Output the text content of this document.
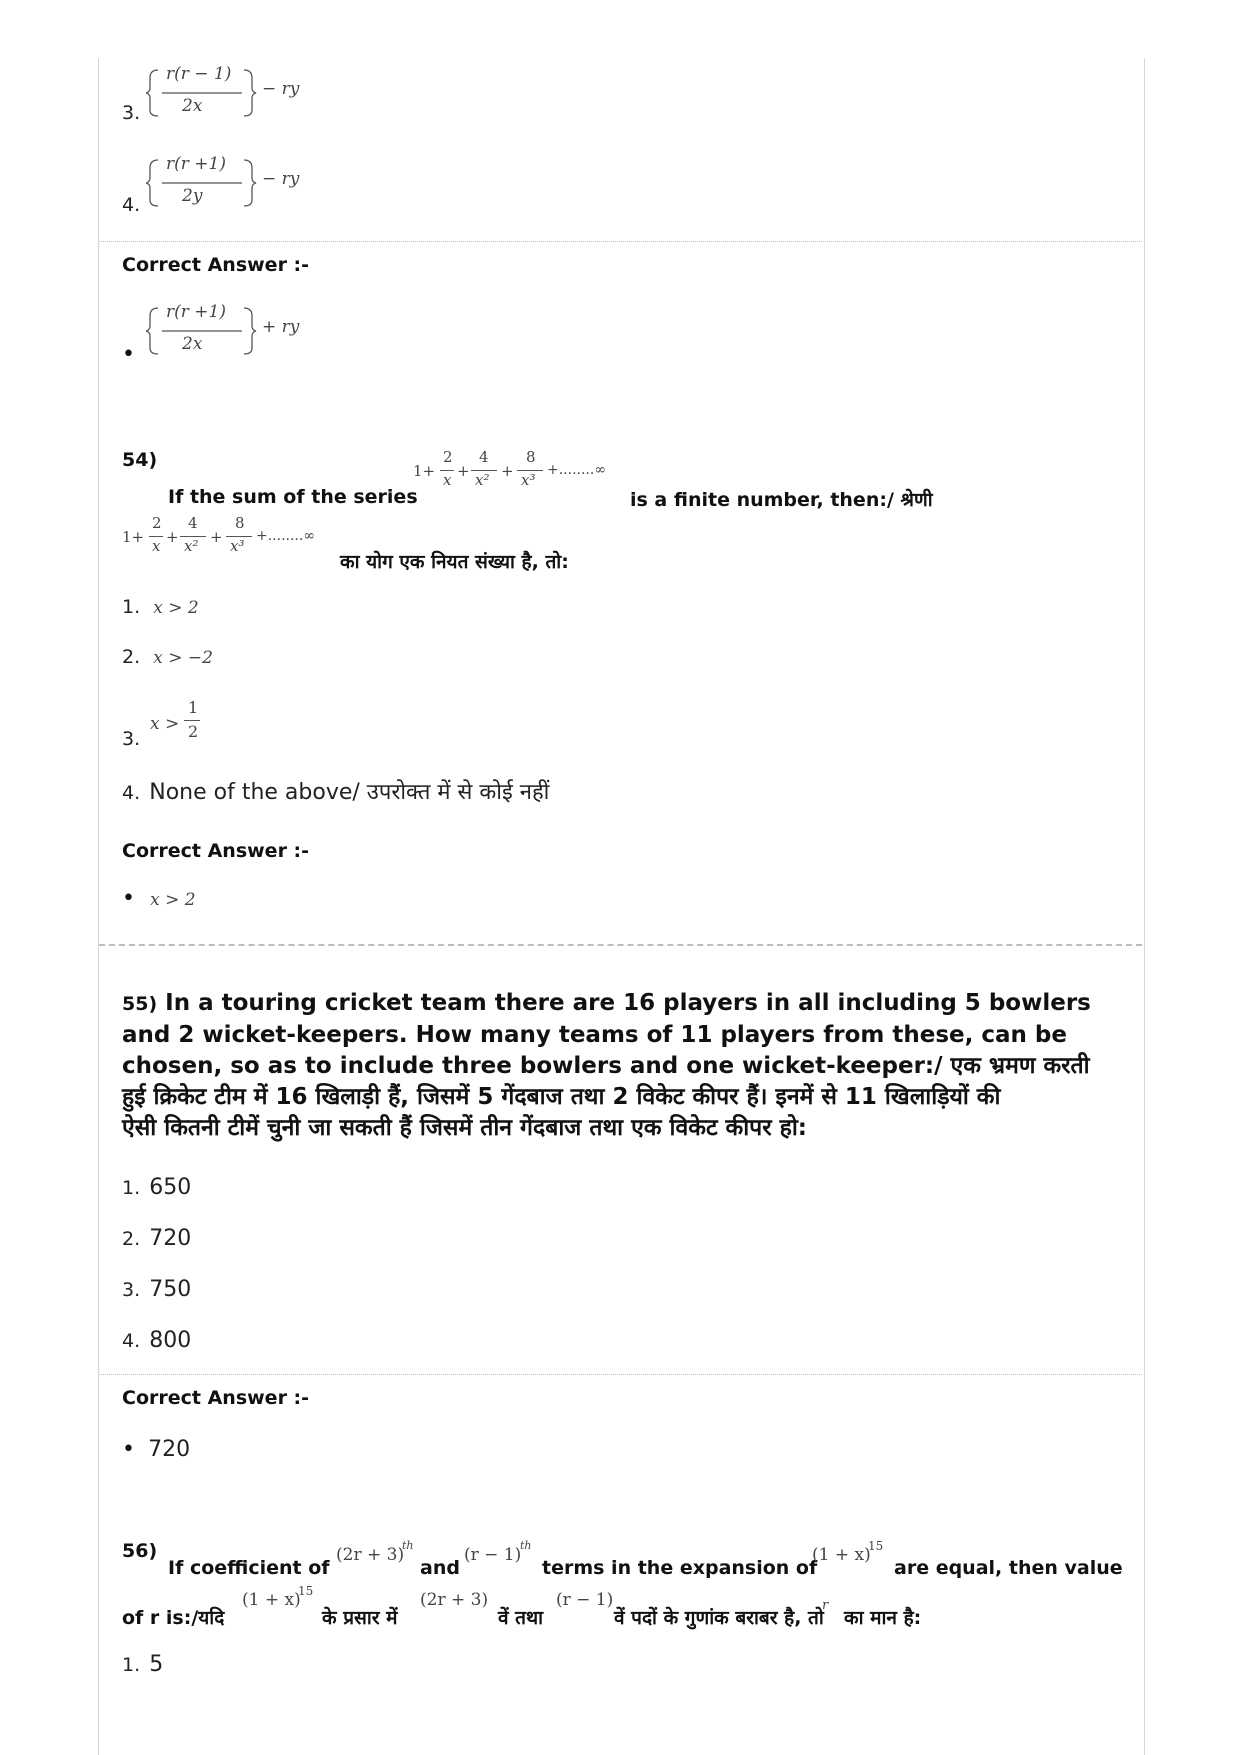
3.
r(r − 1)
2x
− ry
4.
r(r +1)
2y
− ry
Correct Answer :-
•
r(r +1)
2x
+ ry
54)
If the sum of the series
1+
2
x +
4
x² +
8
x³
+........∞
is a finite number, then:/ श्रेणी
1+
2
x +
4
x² +
8
x³
+........∞
का योग एक नियत संख्या है, तो:
1. x > 2
2. x > −2
3.
x >
1
2
4. None of the above/ उपरोक्त में से कोई नहीं
Correct Answer :-
• x > 2
55) In a touring cricket team there are 16 players in all including 5 bowlers
and 2 wicket-keepers. How many teams of 11 players from these, can be
chosen, so as to include three bowlers and one wicket-keeper:/ एक भ्रमण करती
हुई क्रिकेट टीम में 16 खिलाड़ी हैं, जिसमें 5 गेंदबाज तथा 2 विकेट कीपर हैं। इनमें से 11 खिलाड़ियों की
ऐसी कितनी टीमें चुनी जा सकती हैं जिसमें तीन गेंदबाज तथा एक विकेट कीपर हो:
1. 650
2. 720
3. 750
4. 800
Correct Answer :-
• 720
56)
If coefficient of
(2r + 3)
th
and
(r − 1)
th
terms in the expansion of
(1 + x)
15
are equal, then value
of r is:/यदि
(1 + x)
15
के प्रसार में
(2r + 3)
वें तथा
(r − 1)
वें पदों के गुणांक बराबर है, तो
r
का मान है:
1. 5
